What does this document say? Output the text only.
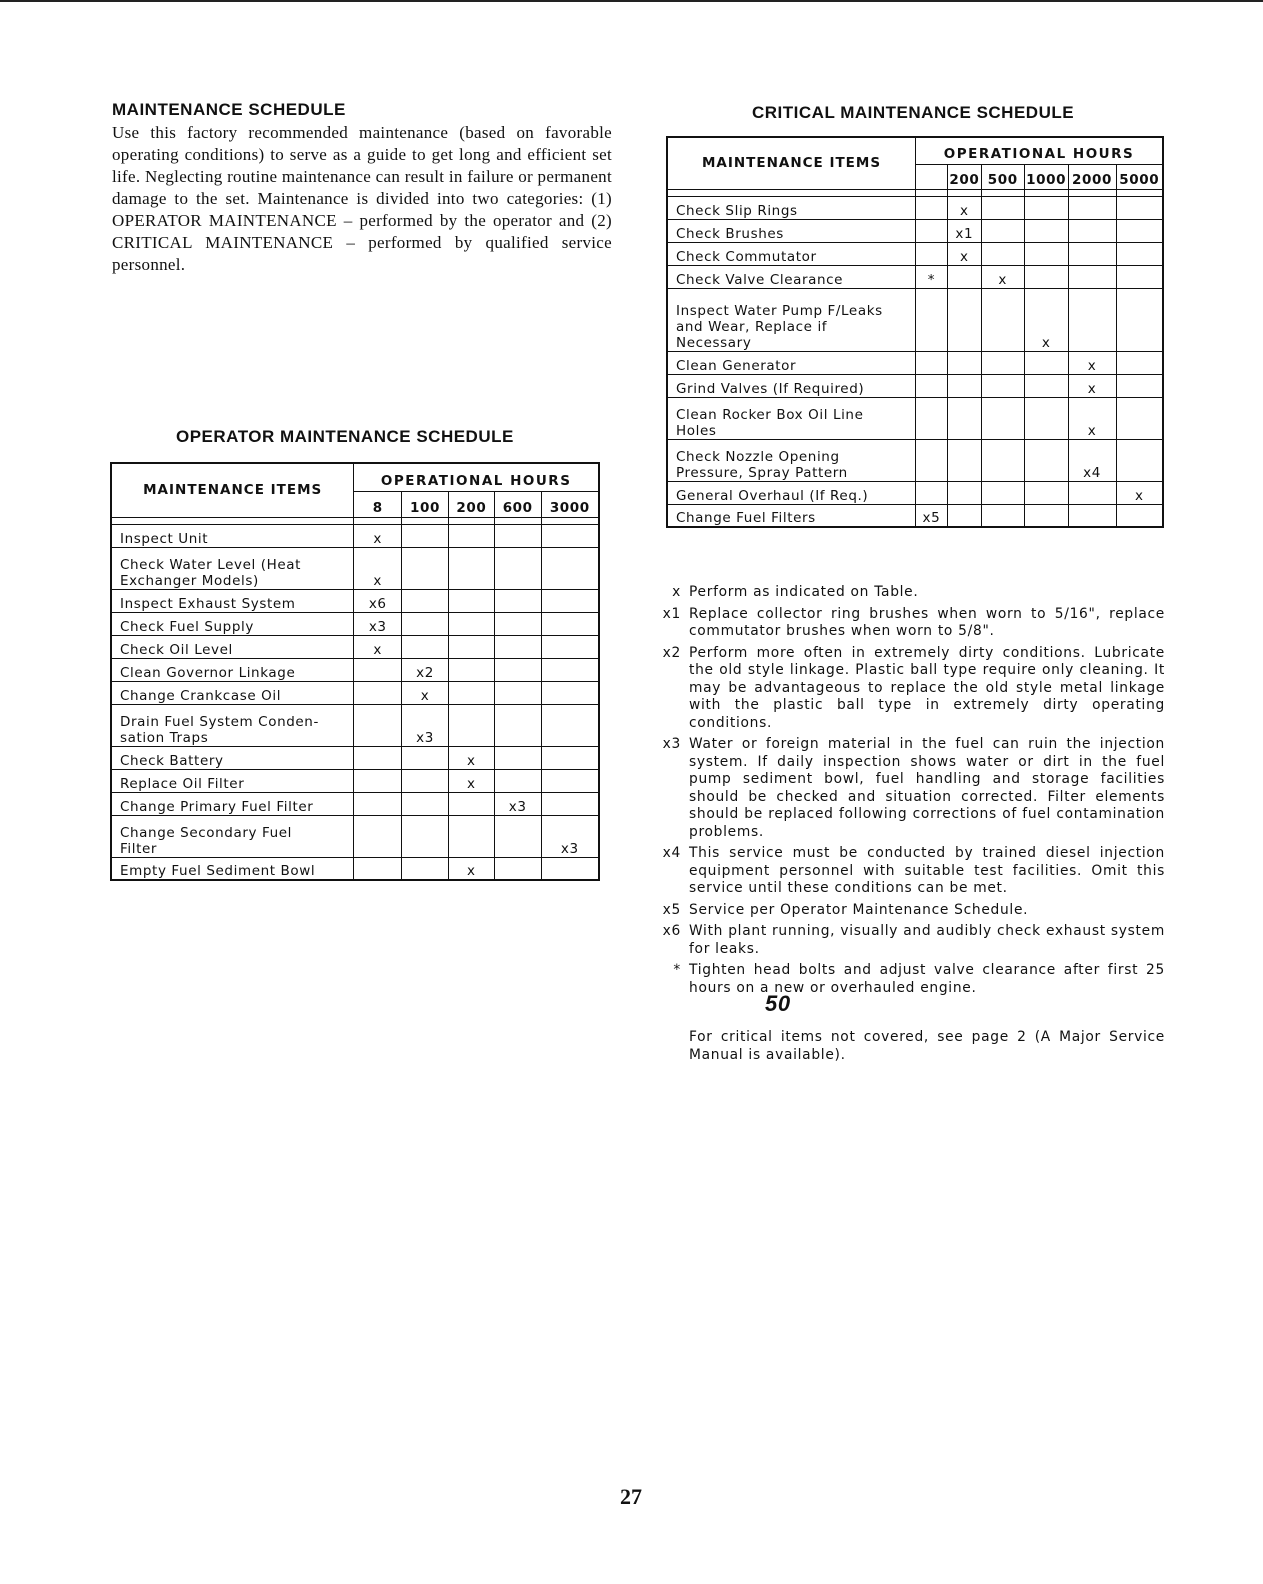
MAINTENANCE SCHEDULE
Use this factory recommended maintenance (based on favorable operating conditions) to serve as a guide to get long and efficient set life. Neglecting routine maintenance can result in failure or permanent damage to the set. Maintenance is divided into two categories: (1) OPERATOR MAINTENANCE – performed by the operator and (2) CRITICAL MAINTENANCE – performed by qualified service personnel.
OPERATOR MAINTENANCE SCHEDULE
MAINTENANCE ITEMS	OPERATIONAL HOURS				
	8	100	200	600	3000

Inspect Unit	x				

Check Water Level (Heat
Exchanger Models)	x				

Inspect Exhaust System	x6				

Check Fuel Supply	x3				

Check Oil Level	x				

Clean Governor Linkage		x2			

Change Crankcase Oil		x			

Drain Fuel System Conden-
sation Traps		x3			

Check Battery			x		

Replace Oil Filter			x		

Change Primary Fuel Filter				x3	

Change Secondary Fuel
Filter					x3

Empty Fuel Sediment Bowl			x		
CRITICAL MAINTENANCE SCHEDULE
MAINTENANCE ITEMS	OPERATIONAL HOURS					
		200	500	1000	2000	5000

Check Slip Rings		x				

Check Brushes		x1				

Check Commutator		x				

Check Valve Clearance	*		x			

Inspect Water Pump F/Leaks
and Wear, Replace if
Necessary				x		

Clean Generator					x	

Grind Valves (If Required)					x	

Clean Rocker Box Oil Line
Holes					x	

Check Nozzle Opening
Pressure, Spray Pattern					x4	

General Overhaul (If Req.)						x

Change Fuel Filters	x5					
x Perform as indicated on Table.
x1 Replace collector ring brushes when worn to 5/16", replace commutator brushes when worn to 5/8".
x2 Perform more often in extremely dirty conditions. Lubricate the old style linkage. Plastic ball type require only cleaning. It may be advantageous to replace the old style metal linkage with the plastic ball type in extremely dirty operating conditions.
x3 Water or foreign material in the fuel can ruin the injection system. If daily inspection shows water or dirt in the fuel pump sediment bowl, fuel handling and storage facilities should be checked and situation corrected. Filter elements should be replaced following corrections of fuel contamination problems.
x4 This service must be conducted by trained diesel injection equipment personnel with suitable test facilities. Omit this service until these conditions can be met.
x5 Service per Operator Maintenance Schedule.
x6 With plant running, visually and audibly check exhaust system for leaks.
* Tighten head bolts and adjust valve clearance after first 25 hours on a new or overhauled engine.
50
For critical items not covered, see page 2 (A Major Service Manual is available).
27
